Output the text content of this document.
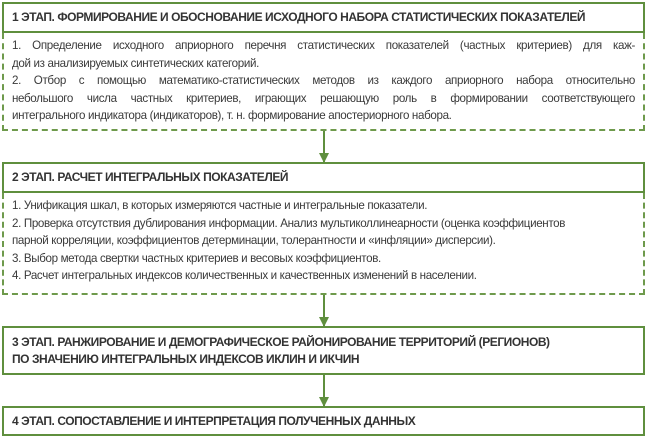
1 ЭТАП. ФОРМИРОВАНИЕ И ОБОСНОВАНИЕ ИСХОДНОГО НАБОРА СТАТИСТИЧЕСКИХ ПОКАЗАТЕЛЕЙ
1. Определение исходного априорного перечня статистических показателей (частных критериев) для каж-
дой из анализируемых синтетических категорий.
2. Отбор с помощью математико-статистических методов из каждого априорного набора относительно
небольшого числа частных критериев, играющих решающую роль в формировании соответствующего
интегрального индикатора (индикаторов), т. н. формирование апостериорного набора.
2 ЭТАП. РАСЧЕТ ИНТЕГРАЛЬНЫХ ПОКАЗАТЕЛЕЙ
1. Унификация шкал, в которых измеряются частные и интегральные показатели.
2. Проверка отсутствия дублирования информации. Анализ мультиколлинеарности (оценка коэффициентов
парной корреляции, коэффициентов детерминации, толерантности и «инфляции» дисперсии).
3. Выбор метода свертки частных критериев и весовых коэффициентов.
4. Расчет интегральных индексов количественных и качественных изменений в населении.
3 ЭТАП. РАНЖИРОВАНИЕ И ДЕМОГРАФИЧЕСКОЕ РАЙОНИРОВАНИЕ ТЕРРИТОРИЙ (РЕГИОНОВ)
ПО ЗНАЧЕНИЮ ИНТЕГРАЛЬНЫХ ИНДЕКСОВ ИКЛИН И ИКЧИН
4 ЭТАП. СОПОСТАВЛЕНИЕ И ИНТЕРПРЕТАЦИЯ ПОЛУЧЕННЫХ ДАННЫХ
